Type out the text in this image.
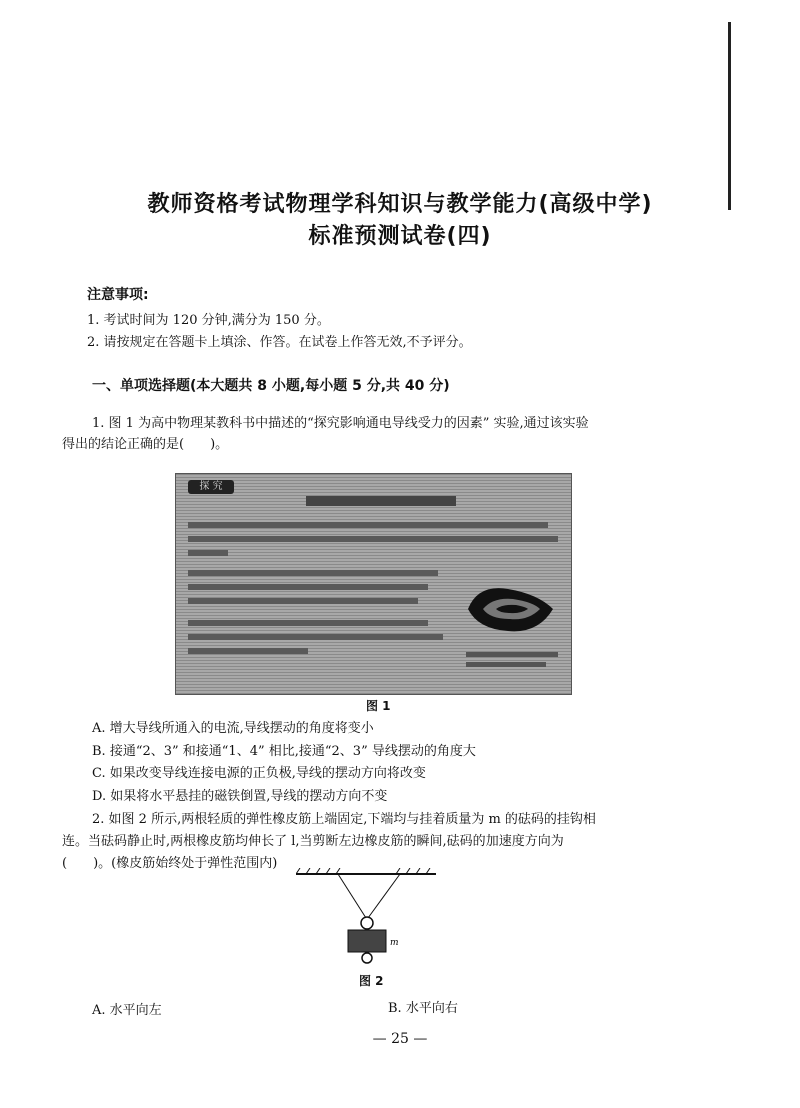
教师资格考试物理学科知识与教学能力(高级中学)
标准预测试卷(四)
注意事项:
1. 考试时间为 120 分钟,满分为 150 分。
2. 请按规定在答题卡上填涂、作答。在试卷上作答无效,不予评分。
一、单项选择题(本大题共 8 小题,每小题 5 分,共 40 分)
1. 图 1 为高中物理某教科书中描述的“探究影响通电导线受力的因素” 实验,通过该实验
得出的结论正确的是(　　)。
探 究
图 1
A. 增大导线所通入的电流,导线摆动的角度将变小
B. 接通“2、3” 和接通“1、4” 相比,接通“2、3” 导线摆动的角度大
C. 如果改变导线连接电源的正负极,导线的摆动方向将改变
D. 如果将水平悬挂的磁铁倒置,导线的摆动方向不变
2. 如图 2 所示,两根轻质的弹性橡皮筋上端固定,下端均与挂着质量为 m 的砝码的挂钩相
连。当砝码静止时,两根橡皮筋均伸长了 l,当剪断左边橡皮筋的瞬间,砝码的加速度方向为
(　　)。(橡皮筋始终处于弹性范围内)
m
图 2
A. 水平向左	B. 水平向右
— 25 —
